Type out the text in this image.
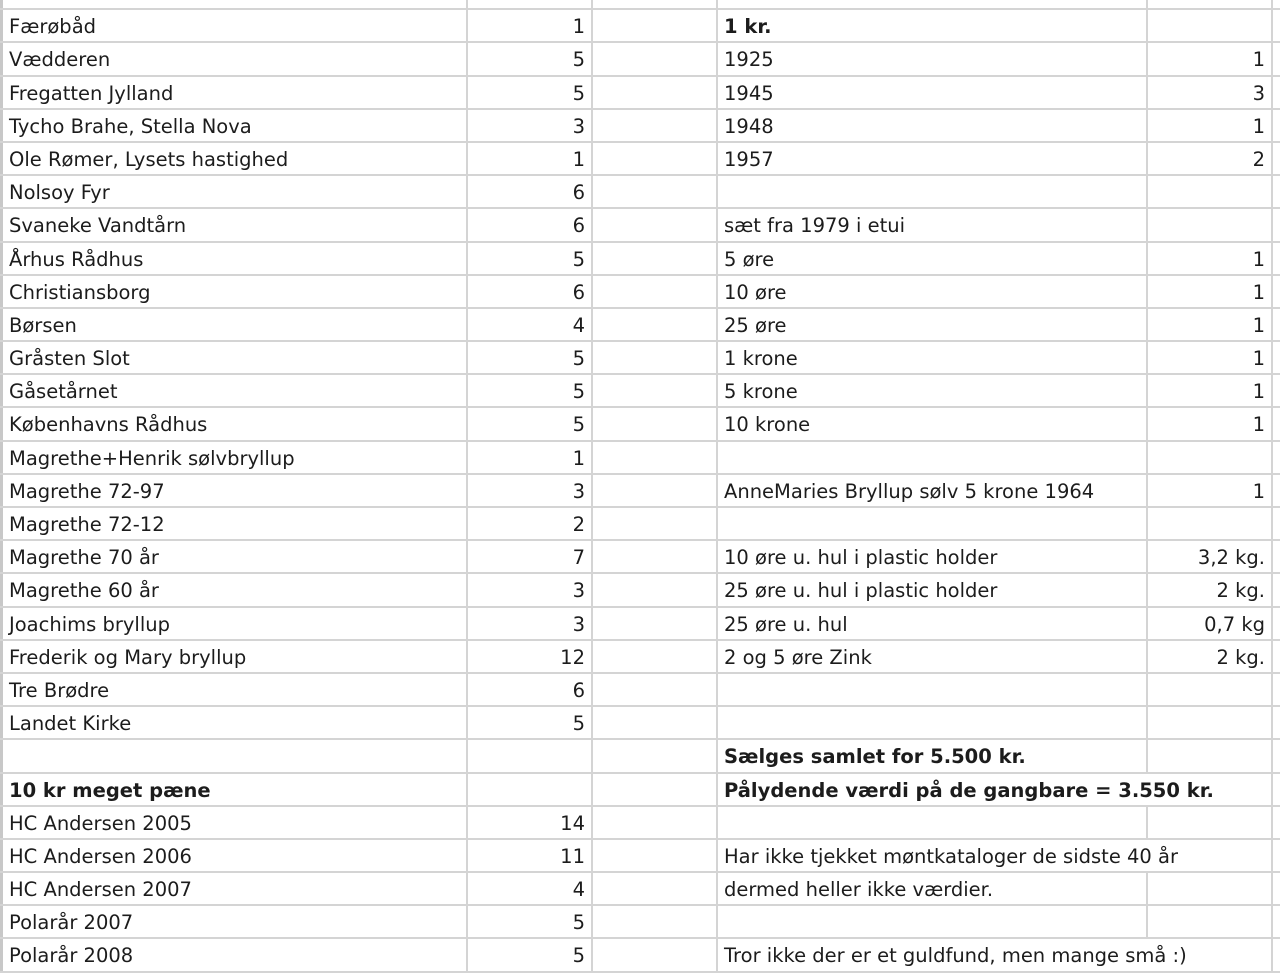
Færøbåd	1	1 kr.
Vædderen	5	1925	1
Fregatten Jylland	5	1945	3
Tycho Brahe, Stella Nova	3	1948	1
Ole Rømer, Lysets hastighed	1	1957	2
Nolsoy Fyr	6
Svaneke Vandtårn	6	sæt fra 1979 i etui
Århus Rådhus	5	5 øre	1
Christiansborg	6	10 øre	1
Børsen	4	25 øre	1
Gråsten Slot	5	1 krone	1
Gåsetårnet	5	5 krone	1
Københavns Rådhus	5	10 krone	1
Magrethe+Henrik sølvbryllup	1
Magrethe 72-97	3	AnneMaries Bryllup sølv 5 krone 1964	1
Magrethe 72-12	2
Magrethe 70 år	7	10 øre u. hul i plastic holder	3,2 kg.
Magrethe 60 år	3	25 øre u. hul i plastic holder	2 kg.
Joachims bryllup	3	25 øre u. hul	0,7 kg
Frederik og Mary bryllup	12	2 og 5 øre Zink	2 kg.
Tre Brødre	6
Landet Kirke	5
Sælges samlet for 5.500 kr.
10 kr meget pæne	Pålydende værdi på de gangbare = 3.550 kr.
HC Andersen 2005	14
HC Andersen 2006	11	Har ikke tjekket møntkataloger de sidste 40 år
HC Andersen 2007	4	dermed heller ikke værdier.
Polarår 2007	5
Polarår 2008	5	Tror ikke der er et guldfund, men mange små :)
